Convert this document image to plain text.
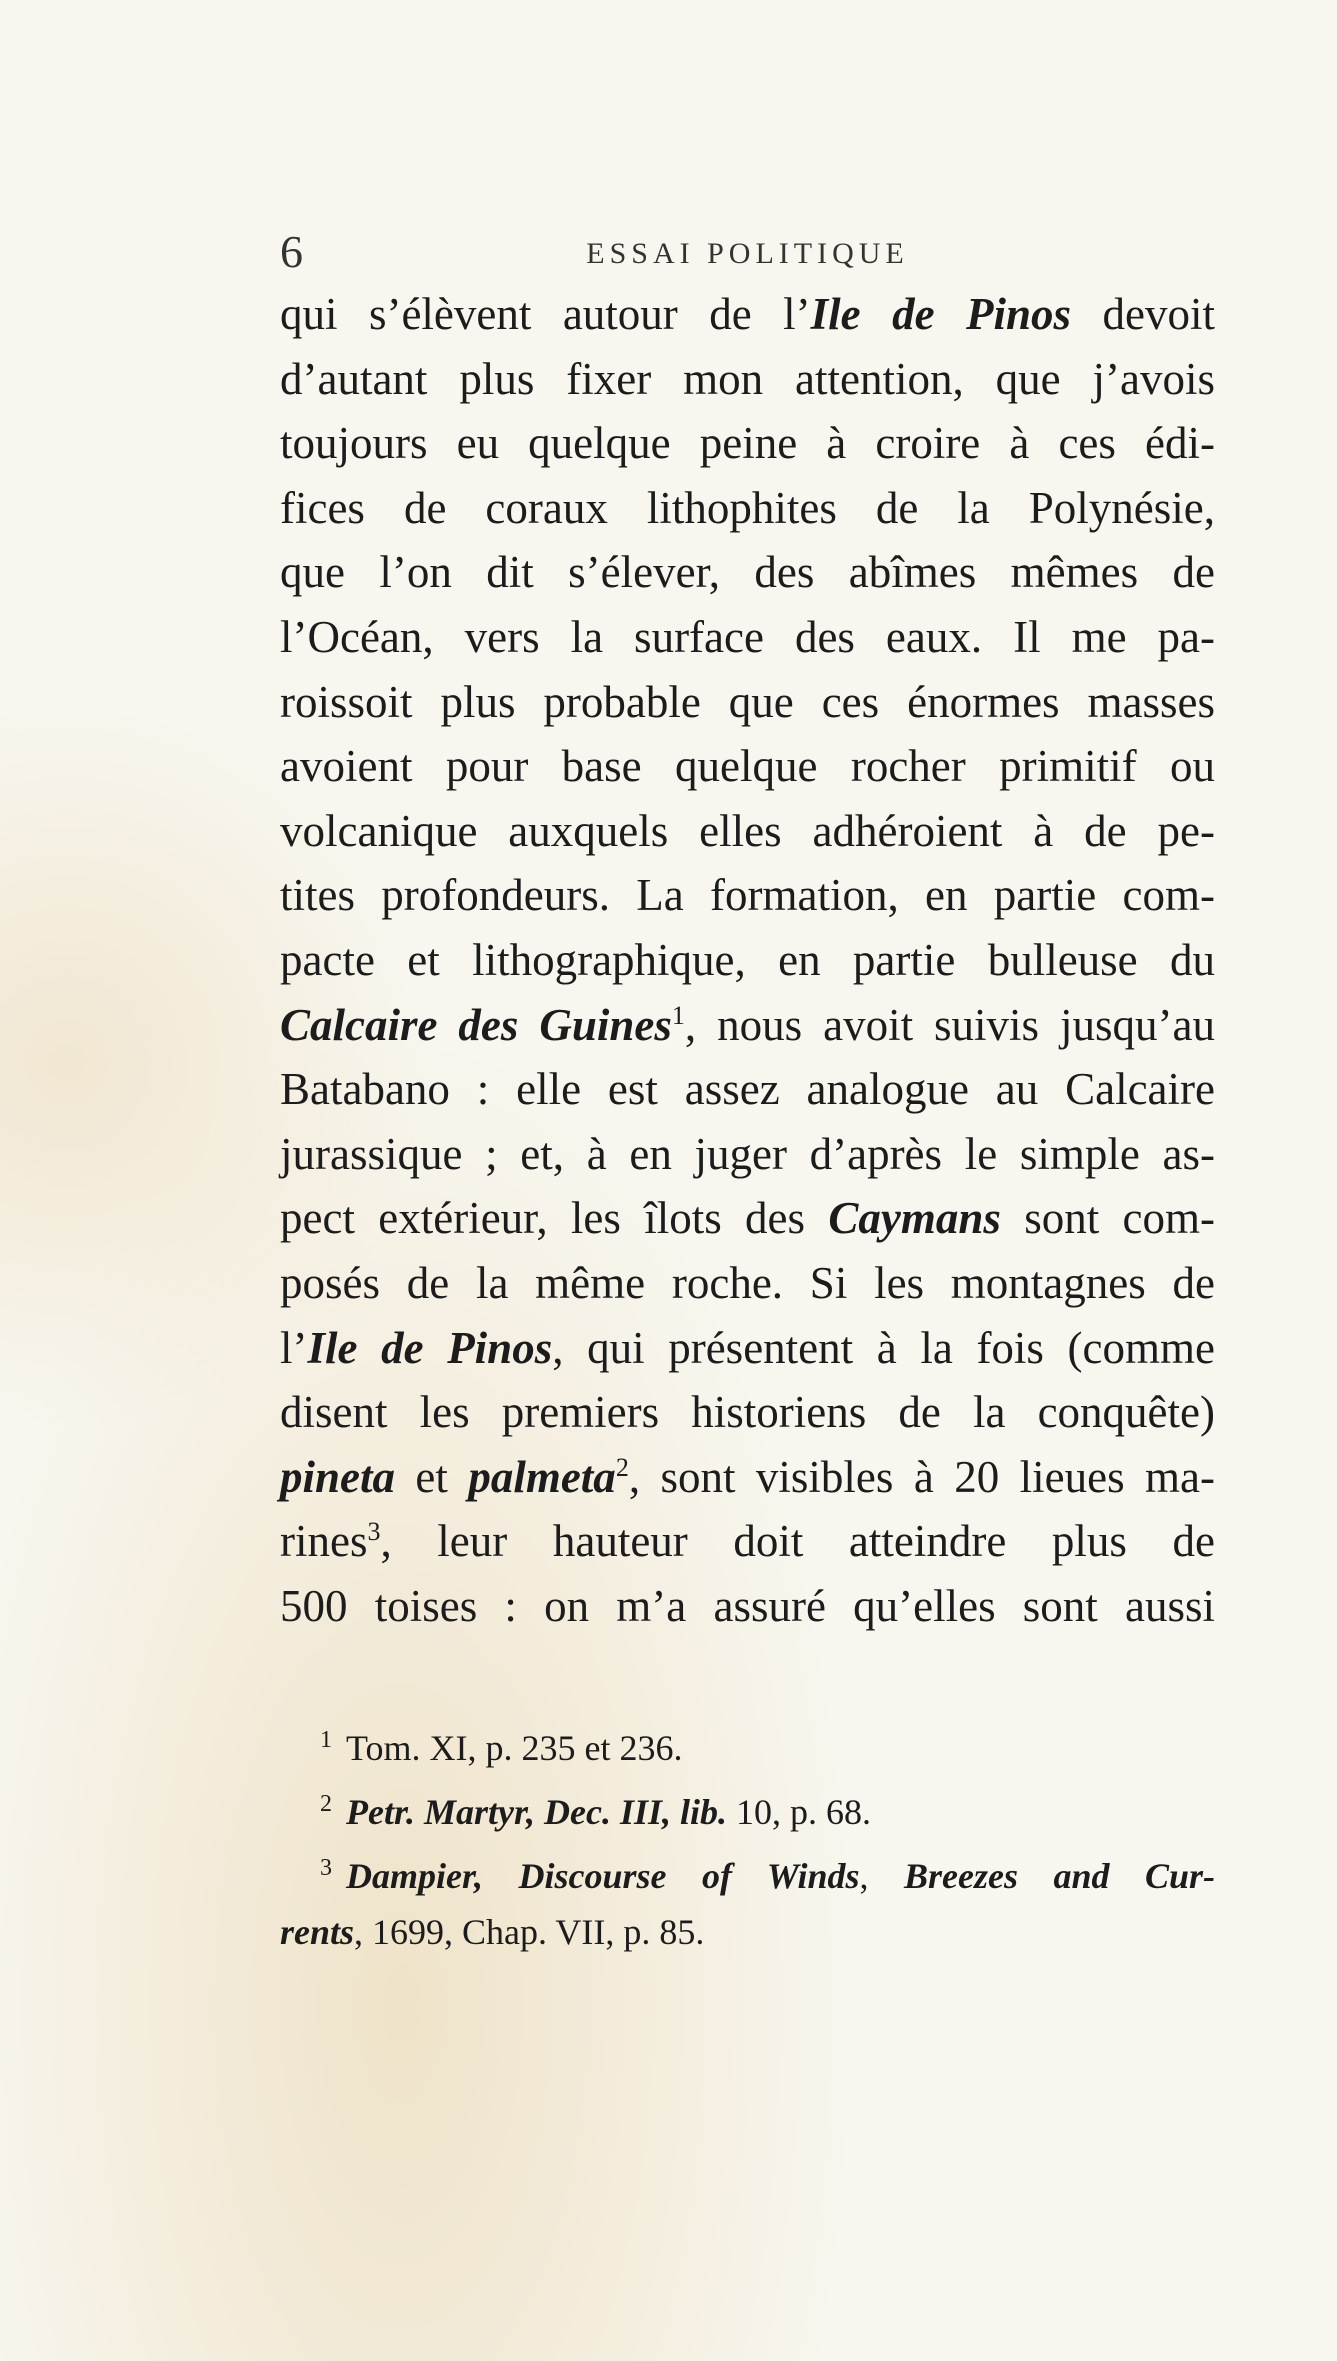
6	ESSAI POLITIQUE
qui s’élèvent autour de l’Ile de Pinos devoit
d’autant plus fixer mon attention, que j’avois
toujours eu quelque peine à croire à ces édi-
fices de coraux lithophites de la Polynésie,
que l’on dit s’élever, des abîmes mêmes de
l’Océan, vers la surface des eaux. Il me pa-
roissoit plus probable que ces énormes masses
avoient pour base quelque rocher primitif ou
volcanique auxquels elles adhéroient à de pe-
tites profondeurs. La formation, en partie com-
pacte et lithographique, en partie bulleuse du
Calcaire des Guines$^1$, nous avoit suivis jusqu’au
Batabano : elle est assez analogue au Calcaire
jurassique ; et, à en juger d’après le simple as-
pect extérieur, les îlots des Caymans sont com-
posés de la même roche. Si les montagnes de
l’Ile de Pinos, qui présentent à la fois (comme
disent les premiers historiens de la conquête)
pineta et palmeta$^2$, sont visibles à 20 lieues ma-
rines$^3$, leur hauteur doit atteindre plus de
500 toises : on m’a assuré qu’elles sont aussi
$^1$ Tom. XI, p. 235 et 236.
$^2$ Petr. Martyr, Dec. III, lib. 10, p. 68.
$^3$ Dampier, Discourse of Winds, Breezes and Cur-
rents, 1699, Chap. VII, p. 85.
